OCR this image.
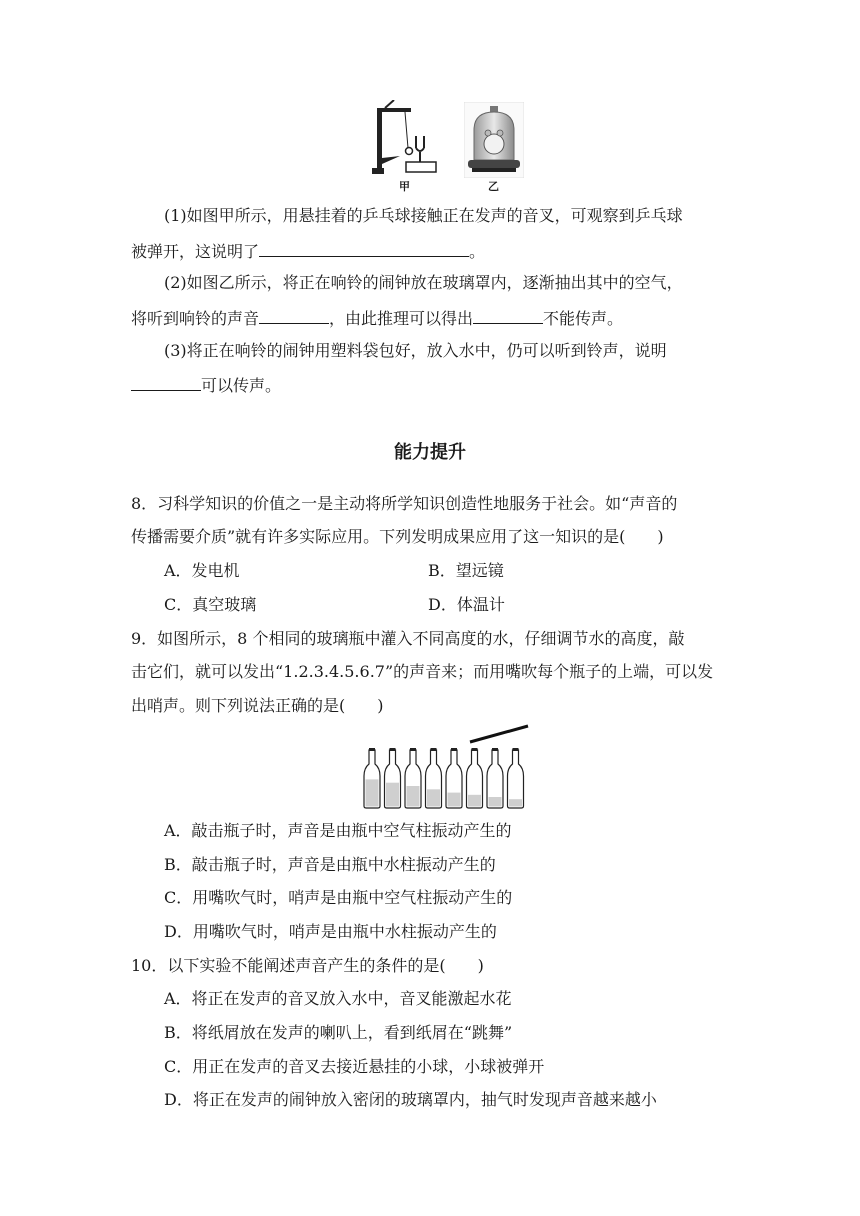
甲	乙
(1)如图甲所示，用悬挂着的乒乓球接触正在发声的音叉，可观察到乒乓球
被弹开，这说明了	。
(2)如图乙所示，将正在响铃的闹钟放在玻璃罩内，逐渐抽出其中的空气，
将听到响铃的声音	，由此推理可以得出	不能传声。
(3)将正在响铃的闹钟用塑料袋包好，放入水中，仍可以听到铃声，说明
可以传声。
能力提升
8．习科学知识的价值之一是主动将所学知识创造性地服务于社会。如“声音的
传播需要介质”就有许多实际应用。下列发明成果应用了这一知识的是(　　)
A．发电机	B．望远镜
C．真空玻璃	D．体温计
9．如图所示，8 个相同的玻璃瓶中灌入不同高度的水，仔细调节水的高度，敲
击它们，就可以发出“1.2.3.4.5.6.7”的声音来；而用嘴吹每个瓶子的上端，可以发
出哨声。则下列说法正确的是(　　)
A．敲击瓶子时，声音是由瓶中空气柱振动产生的
B．敲击瓶子时，声音是由瓶中水柱振动产生的
C．用嘴吹气时，哨声是由瓶中空气柱振动产生的
D．用嘴吹气时，哨声是由瓶中水柱振动产生的
10．以下实验不能阐述声音产生的条件的是(　　)
A．将正在发声的音叉放入水中，音叉能激起水花
B．将纸屑放在发声的喇叭上，看到纸屑在“跳舞”
C．用正在发声的音叉去接近悬挂的小球，小球被弹开
D．将正在发声的闹钟放入密闭的玻璃罩内，抽气时发现声音越来越小
